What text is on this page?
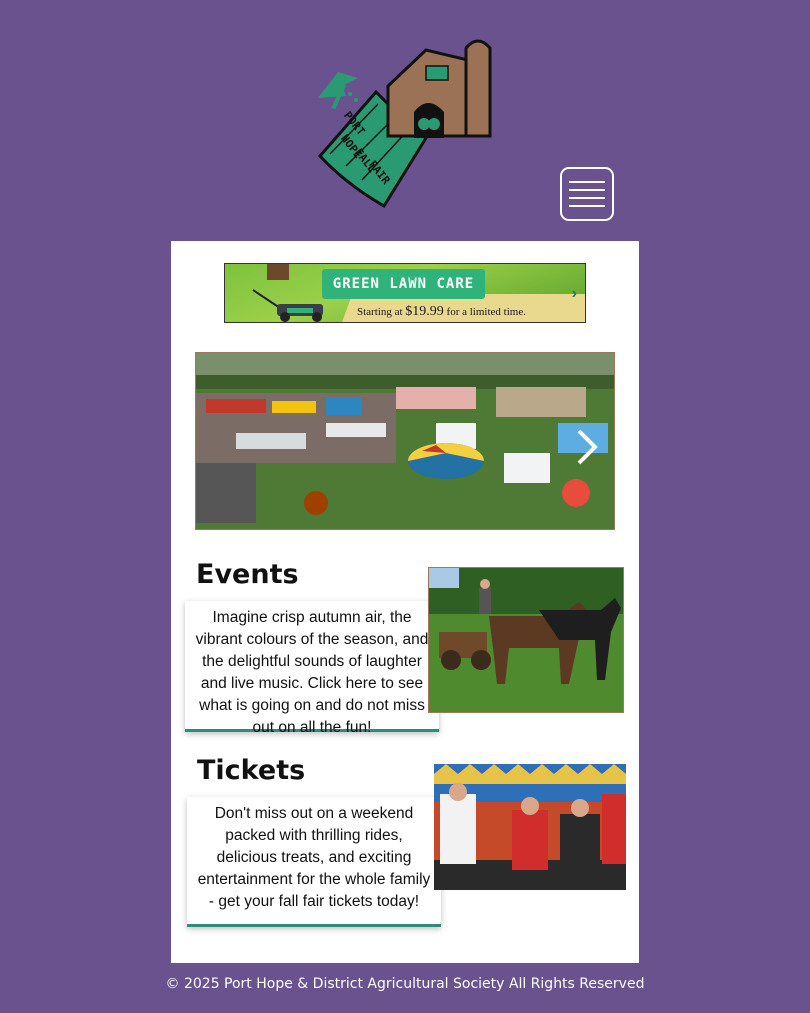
PORT
HOPE
FALL
FAIR
GREEN LAWN CARE
Starting at $19.99 for a limited time.
›
Events
Imagine crisp autumn air, the vibrant colours of the season, and the delightful sounds of laughter and live music. Click here to see what is going on and do not miss out on all the fun!
Tickets
Don't miss out on a weekend packed with thrilling rides, delicious treats, and exciting entertainment for the whole family - get your fall fair tickets today!
© 2025 Port Hope & District Agricultural Society All Rights Reserved
